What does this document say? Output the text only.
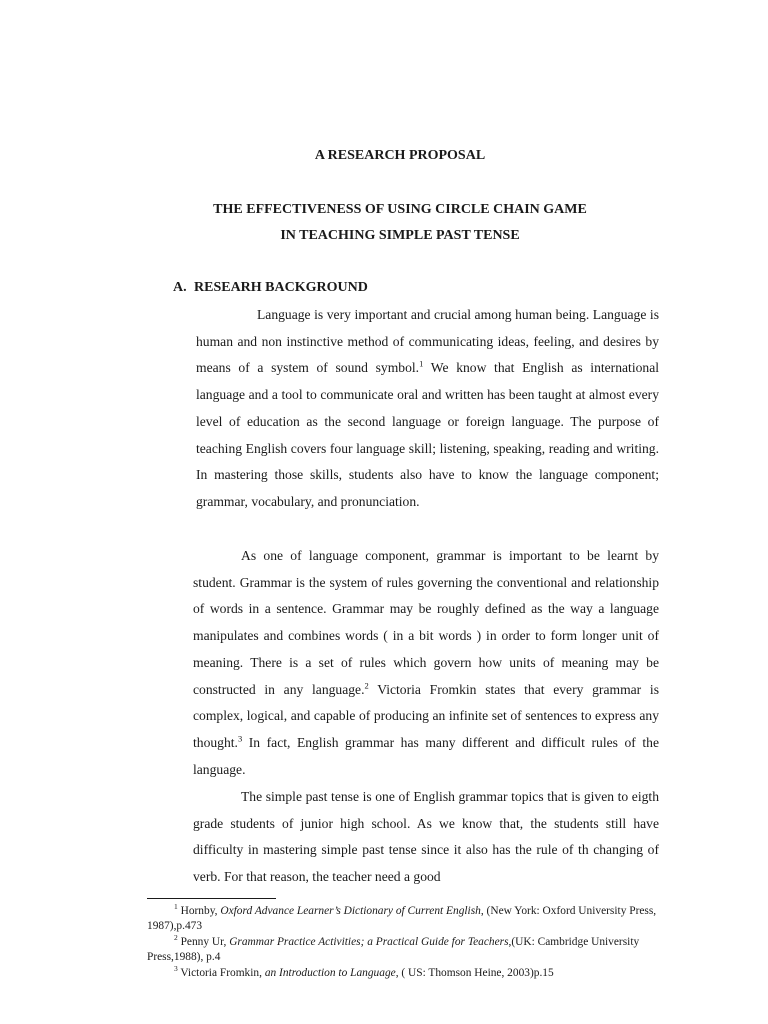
A RESEARCH PROPOSAL
THE EFFECTIVENESS OF USING CIRCLE CHAIN GAME
IN TEACHING SIMPLE PAST TENSE
A. RESEARH BACKGROUND

Language is very important and crucial among human being. Language is human and non instinctive method of communicating ideas, feeling, and desires by means of a system of sound symbol.$^1$ We know that English as international language and a tool to communicate oral and written has been taught at almost every level of education as the second language or foreign language. The purpose of teaching English covers four language skill; listening, speaking, reading and writing. In mastering those skills, students also have to know the language component; grammar, vocabulary, and pronunciation.

As one of language component, grammar is important to be learnt by student. Grammar is the system of rules governing the conventional and relationship of words in a sentence. Grammar may be roughly defined as the way a language manipulates and combines words ( in a bit words ) in order to form longer unit of meaning. There is a set of rules which govern how units of meaning may be constructed in any language.$^2$ Victoria Fromkin states that every grammar is complex, logical, and capable of producing an infinite set of sentences to express any thought.$^3$ In fact, English grammar has many different and difficult rules of the language.

The simple past tense is one of English grammar topics that is given to eigth grade students of junior high school. As we know that, the students still have difficulty in mastering simple past tense since it also has the rule of th changing of verb. For that reason, the teacher need a good

$^1$ Hornby, Oxford Advance Learner’s Dictionary of Current English, (New York: Oxford University Press, 1987),p.473

$^2$ Penny Ur, Grammar Practice Activities; a Practical Guide for Teachers,(UK: Cambridge University Press,1988), p.4

$^3$ Victoria Fromkin, an Introduction to Language, ( US: Thomson Heine, 2003)p.15
